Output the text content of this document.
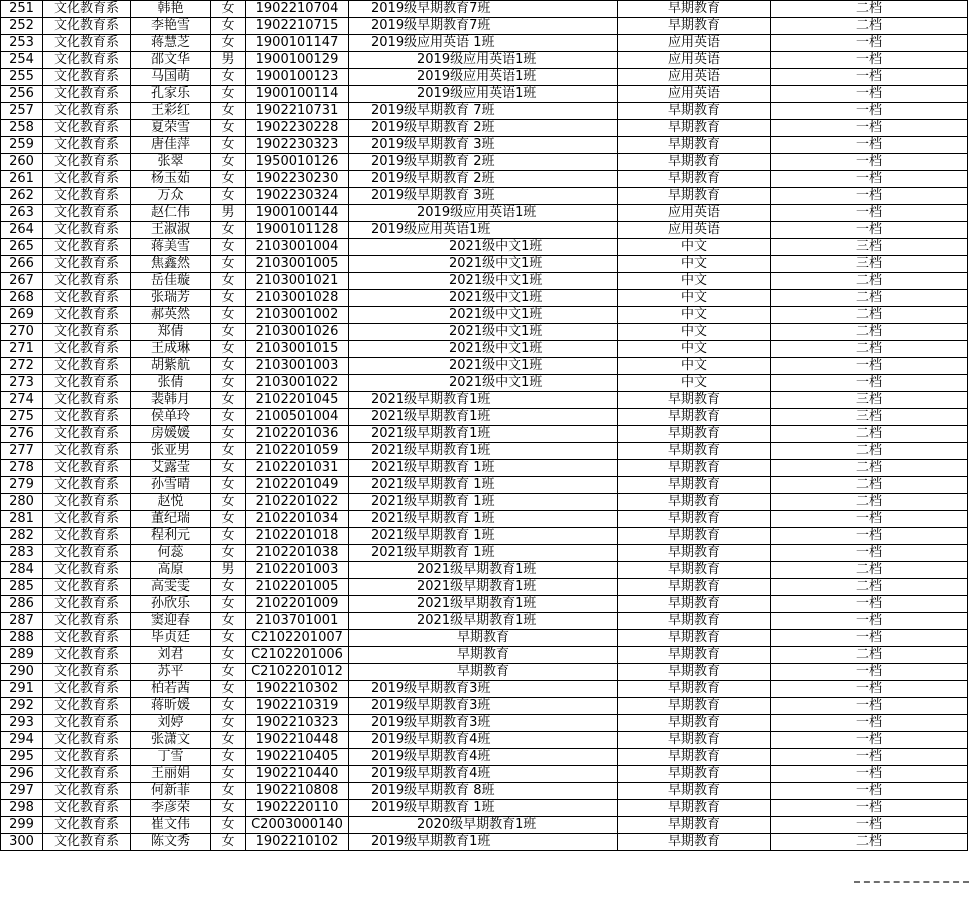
251	文化教育系	韩艳	女	1902210704	2019级早期教育7班	早期教育	二档
252	文化教育系	李艳雪	女	1902210715	2019级早期教育7班	早期教育	二档
253	文化教育系	蒋慧芝	女	1900101147	2019级应用英语 1班	应用英语	一档
254	文化教育系	邵文华	男	1900100129	2019级应用英语1班	应用英语	一档
255	文化教育系	马国萌	女	1900100123	2019级应用英语1班	应用英语	一档
256	文化教育系	孔家乐	女	1900100114	2019级应用英语1班	应用英语	一档
257	文化教育系	王彩红	女	1902210731	2019级早期教育 7班	早期教育	一档
258	文化教育系	夏荣雪	女	1902230228	2019级早期教育 2班	早期教育	一档
259	文化教育系	唐佳萍	女	1902230323	2019级早期教育 3班	早期教育	一档
260	文化教育系	张翠	女	1950010126	2019级早期教育 2班	早期教育	一档
261	文化教育系	杨玉茹	女	1902230230	2019级早期教育 2班	早期教育	一档
262	文化教育系	万众	女	1902230324	2019级早期教育 3班	早期教育	一档
263	文化教育系	赵仁伟	男	1900100144	2019级应用英语1班	应用英语	一档
264	文化教育系	王淑淑	女	1900101128	2019级应用英语1班	应用英语	一档
265	文化教育系	蒋美雪	女	2103001004	2021级中文1班	中文	三档
266	文化教育系	焦鑫然	女	2103001005	2021级中文1班	中文	三档
267	文化教育系	岳佳璇	女	2103001021	2021级中文1班	中文	二档
268	文化教育系	张瑞芳	女	2103001028	2021级中文1班	中文	二档
269	文化教育系	郝英然	女	2103001002	2021级中文1班	中文	二档
270	文化教育系	郑倩	女	2103001026	2021级中文1班	中文	二档
271	文化教育系	王成琳	女	2103001015	2021级中文1班	中文	二档
272	文化教育系	胡紫航	女	2103001003	2021级中文1班	中文	一档
273	文化教育系	张倩	女	2103001022	2021级中文1班	中文	一档
274	文化教育系	裴韩月	女	2102201045	2021级早期教育1班	早期教育	三档
275	文化教育系	侯单玲	女	2100501004	2021级早期教育1班	早期教育	三档
276	文化教育系	房媛媛	女	2102201036	2021级早期教育1班	早期教育	二档
277	文化教育系	张亚男	女	2102201059	2021级早期教育1班	早期教育	二档
278	文化教育系	艾露莹	女	2102201031	2021级早期教育 1班	早期教育	二档
279	文化教育系	孙雪晴	女	2102201049	2021级早期教育 1班	早期教育	二档
280	文化教育系	赵悦	女	2102201022	2021级早期教育 1班	早期教育	二档
281	文化教育系	董纪瑞	女	2102201034	2021级早期教育 1班	早期教育	一档
282	文化教育系	程利元	女	2102201018	2021级早期教育 1班	早期教育	一档
283	文化教育系	何蕊	女	2102201038	2021级早期教育 1班	早期教育	一档
284	文化教育系	高原	男	2102201003	2021级早期教育1班	早期教育	二档
285	文化教育系	高雯雯	女	2102201005	2021级早期教育1班	早期教育	二档
286	文化教育系	孙欣乐	女	2102201009	2021级早期教育1班	早期教育	一档
287	文化教育系	窦迎春	女	2103701001	2021级早期教育1班	早期教育	一档
288	文化教育系	毕贞廷	女	C2102201007	早期教育	早期教育	一档
289	文化教育系	刘君	女	C2102201006	早期教育	早期教育	二档
290	文化教育系	苏平	女	C2102201012	早期教育	早期教育	一档
291	文化教育系	柏若茜	女	1902210302	2019级早期教育3班	早期教育	一档
292	文化教育系	蒋昕媛	女	1902210319	2019级早期教育3班	早期教育	一档
293	文化教育系	刘婷	女	1902210323	2019级早期教育3班	早期教育	一档
294	文化教育系	张潇文	女	1902210448	2019级早期教育4班	早期教育	一档
295	文化教育系	丁雪	女	1902210405	2019级早期教育4班	早期教育	一档
296	文化教育系	王丽娟	女	1902210440	2019级早期教育4班	早期教育	一档
297	文化教育系	何新菲	女	1902210808	2019级早期教育 8班	早期教育	一档
298	文化教育系	李彦荣	女	1902220110	2019级早期教育 1班	早期教育	一档
299	文化教育系	崔文伟	女	C2003000140	2020级早期教育1班	早期教育	一档
300	文化教育系	陈文秀	女	1902210102	2019级早期教育1班	早期教育	二档
